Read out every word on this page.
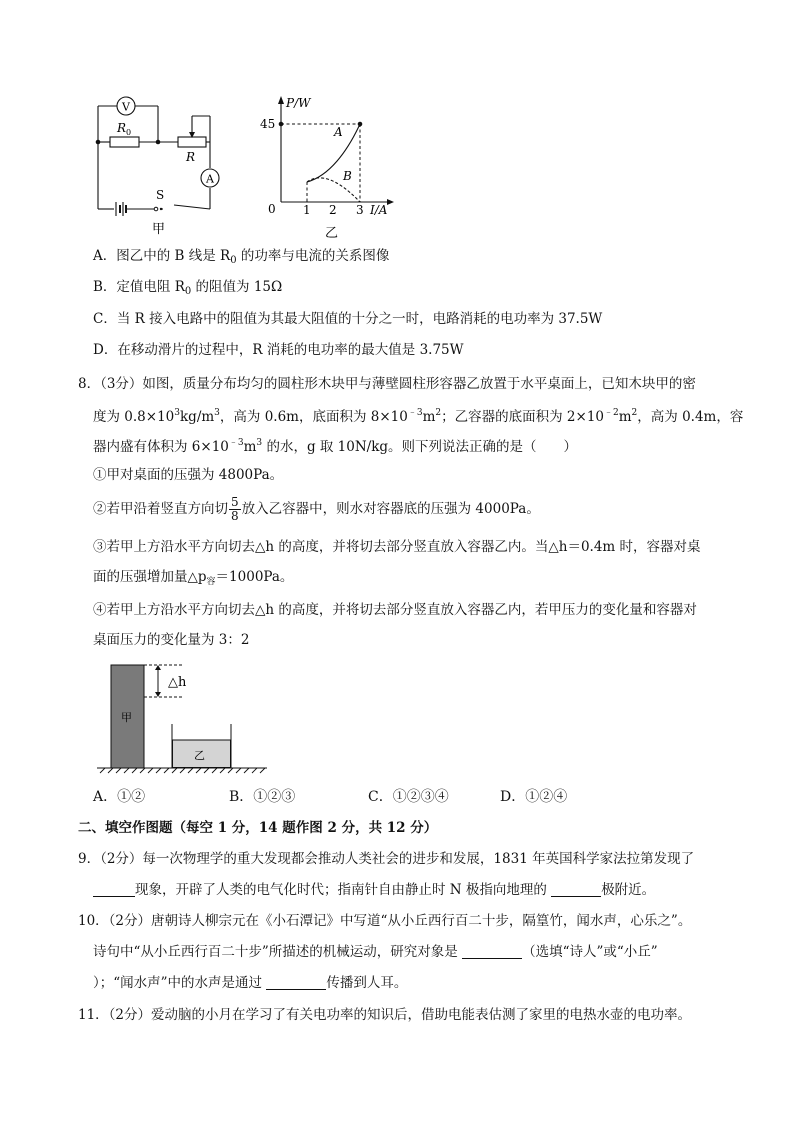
V
A
$R_0$
R
S
甲
P/W
45
A
B
0 1 2 3 I/A
乙
A．图乙中的 B 线是 $R_0$ 的功率与电流的关系图像
B．定值电阻 $R_0$ 的阻值为 15Ω
C．当 R 接入电路中的阻值为其最大阻值的十分之一时，电路消耗的电功率为 37.5W
D．在移动滑片的过程中，R 消耗的电功率的最大值是 3.75W
8．（3分）如图，质量分布均匀的圆柱形木块甲与薄壁圆柱形容器乙放置于水平桌面上，已知木块甲的密
度为 $0.8\times 10^3kg/m^3$，高为 0.6m，底面积为 $8\times 10^{﹣3}m^2$；乙容器的底面积为 $2\times 10^{﹣2}m^2$，高为 0.4m，容
器内盛有体积为 $6\times 10^{﹣3}m^3$ 的水，g 取 10N/kg。则下列说法正确的是（　　）
①甲对桌面的压强为 4800Pa。
②若甲沿着竖直方向切 $\frac{5}{8}$ 放入乙容器中，则水对容器底的压强为 4000Pa。
③若甲上方沿水平方向切去△h 的高度，并将切去部分竖直放入容器乙内。当△h＝0.4m 时，容器对桌
面的压强增加量$\triangle p_容=1000Pa$。
④若甲上方沿水平方向切去△h 的高度，并将切去部分竖直放入容器乙内，若甲压力的变化量和容器对
桌面压力的变化量为 3：2
△h
甲
乙
A．①②	B．①②③	C．①②③④	D．①②④
二、填空作图题（每空 1 分，14 题作图 2 分，共 12 分）
9．（2分）每一次物理学的重大发现都会推动人类社会的进步和发展，1831 年英国科学家法拉第发现了
现象，开辟了人类的电气化时代；指南针自由静止时 N 极指向地理的	极附近。
10．（2分）唐朝诗人柳宗元在《小石潭记》中写道“从小丘西行百二十步，隔篁竹，闻水声，心乐之”。
诗句中“从小丘西行百二十步”所描述的机械运动，研究对象是	（选填“诗人”或“小丘”
）；“闻水声”中的水声是通过	传播到人耳。
11．（2分）爱动脑的小月在学习了有关电功率的知识后，借助电能表估测了家里的电热水壶的电功率。
